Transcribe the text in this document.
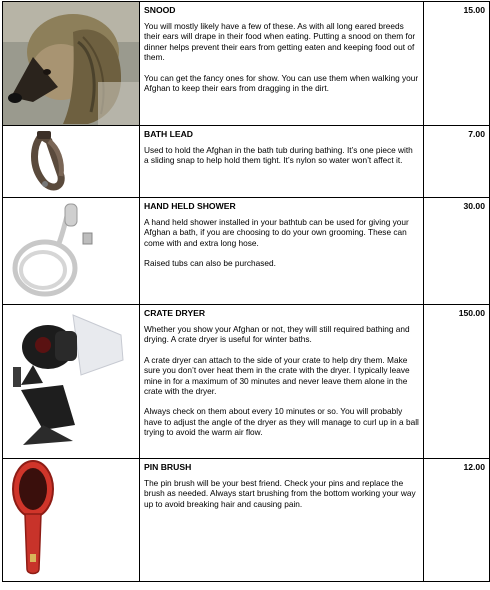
SNOOD

You will mostly likely have a few of these. As with all long eared breeds their ears will drape in their food when eating. Putting a snood on them for dinner helps prevent their ears from getting eaten and keeping food out of them.

You can get the fancy ones for show. You can use them when walking your Afghan to keep their ears from dragging in the dirt.	15.00

BATH LEAD

Used to hold the Afghan in the bath tub during bathing. It’s one piece with a sliding snap to help hold them tight. It’s nylon so water won’t affect it.	7.00

HAND HELD SHOWER

A hand held shower installed in your bathtub can be used for giving your Afghan a bath, if you are choosing to do your own grooming. These can come with and extra long hose.

Raised tubs can also be purchased.	30.00

CRATE DRYER

Whether you show your Afghan or not, they will still required bathing and drying. A crate dryer is useful for winter baths.

A crate dryer can attach to the side of your crate to help dry them. Make sure you don’t over heat them in the crate with the dryer. I typically leave mine in for a maximum of 30 minutes and never leave them alone in the crate with the dryer.

Always check on them about every 10 minutes or so. You will probably have to adjust the angle of the dryer as they will manage to curl up in a ball trying to avoid the warm air flow.	150.00

PIN BRUSH

The pin brush will be your best friend. Check your pins and replace the brush as needed. Always start brushing from the bottom working your way up to avoid breaking hair and causing pain.	12.00
